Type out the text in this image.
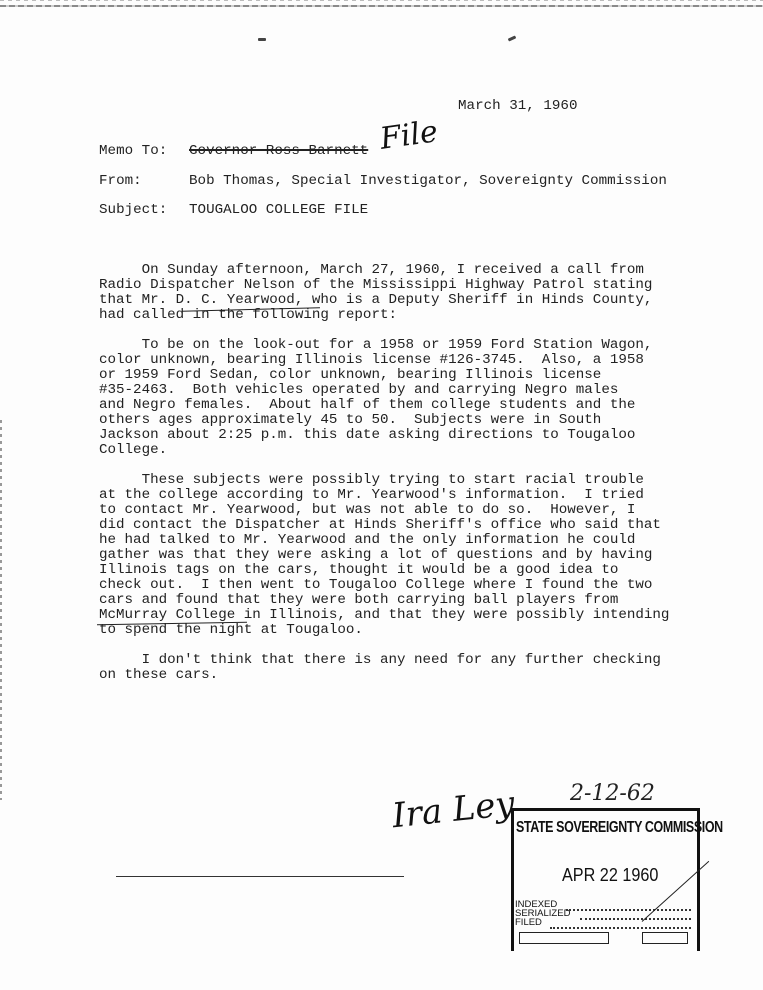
March 31, 1960
Memo To: Governor Ross Barnett File
From:	Bob Thomas, Special Investigator, Sovereignty Commission
Subject: TOUGALOO COLLEGE FILE
On Sunday afternoon, March 27, 1960, I received a call from
Radio Dispatcher Nelson of the Mississippi Highway Patrol stating
that Mr. D. C. Yearwood, who is a Deputy Sheriff in Hinds County,
had called in the following report:
To be on the look-out for a 1958 or 1959 Ford Station Wagon,
color unknown, bearing Illinois license #126-3745.  Also, a 1958
or 1959 Ford Sedan, color unknown, bearing Illinois license
#35-2463.  Both vehicles operated by and carrying Negro males
and Negro females.  About half of them college students and the
others ages approximately 45 to 50.  Subjects were in South
Jackson about 2:25 p.m. this date asking directions to Tougaloo
College.
These subjects were possibly trying to start racial trouble
at the college according to Mr. Yearwood's information.  I tried
to contact Mr. Yearwood, but was not able to do so.  However, I
did contact the Dispatcher at Hinds Sheriff's office who said that
he had talked to Mr. Yearwood and the only information he could
gather was that they were asking a lot of questions and by having
Illinois tags on the cars, thought it would be a good idea to
check out.  I then went to Tougaloo College where I found the two
cars and found that they were both carrying ball players from
McMurray College in Illinois, and that they were possibly intending
to spend the night at Tougaloo.
I don't think that there is any need for any further checking
on these cars.
Ira Ley 2-12-62
STATE SOVEREIGNTY COMMISSION
APR 22 1960
INDEXED
SERIALIZED
FILED
